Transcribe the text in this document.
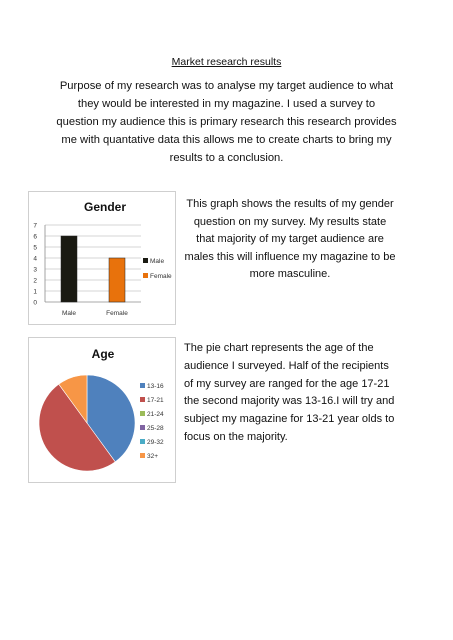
Market research results
Purpose of my research was to analyse my target audience to what they would be interested in my magazine. I used a survey to question my audience this is primary research this research provides me with quantative data this allows me to create charts to bring my results to a conclusion.
Gender
0
1
2
3
4
5
6
7
Male	Female
Male
Female
This graph shows the results of my gender question on my survey. My results state that majority of my target audience are males this will influence my magazine to be more masculine.
Age
13-16
17-21
21-24
25-28
29-32
32+
The pie chart represents the age of the audience I surveyed. Half of the recipients of my survey are ranged for the age 17-21 the second majority was 13-16.I will try and subject my magazine for 13-21 year olds to focus on the majority.
